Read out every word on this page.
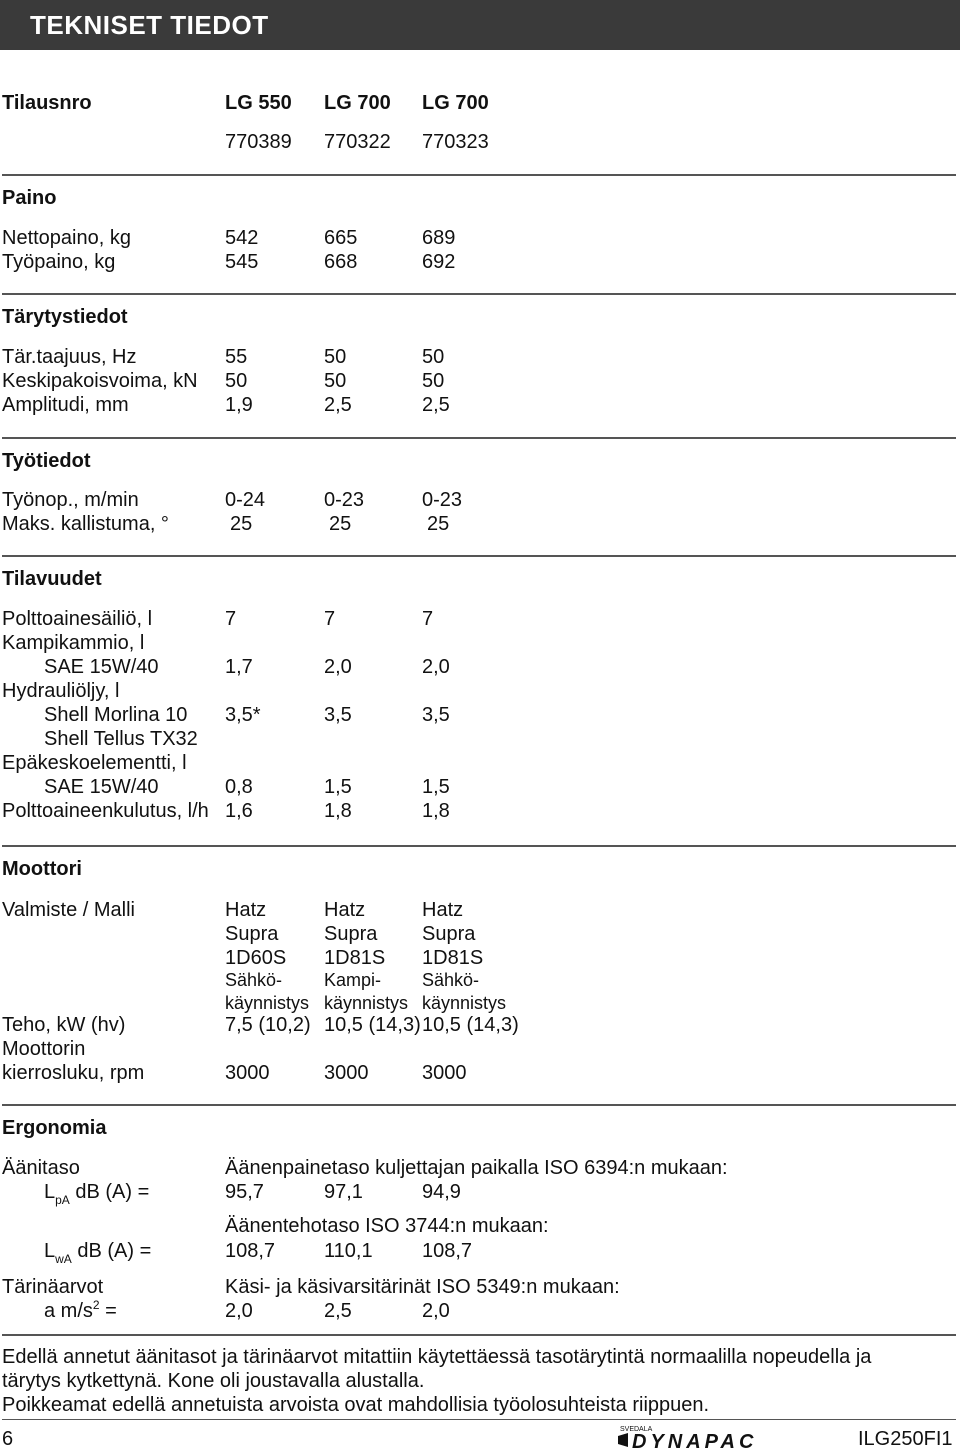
TEKNISET TIEDOT
Tilausnro	LG 550 LG 700 LG 700
770389 770322 770323
Paino
Nettopaino, kg	542	665	689
Työpaino, kg	545	668	692
Tärytystiedot
Tär.taajuus, Hz	55	50	50
Keskipakoisvoima, kN 50	50	50
Amplitudi, mm	1,9	2,5	2,5
Työtiedot
Työnop., m/min	0-24	0-23	0-23
Maks. kallistuma, °	25	25	25
Tilavuudet
Polttoainesäiliö, l	7	7	7
Kampikammio, l
SAE 15W/40	1,7	2,0	2,0
Hydrauliöljy, l
Shell Morlina 10 3,5*	3,5	3,5
Shell Tellus TX32
Epäkeskoelementti, l
SAE 15W/40	0,8	1,5	1,5
Polttoaineenkulutus, l/h 1,6	1,8	1,8
Moottori
Valmiste / Malli	Hatz	Hatz	Hatz
Supra Supra Supra
1D60S 1D81S 1D81S
Sähkö- Kampi- Sähkö-
käynnistys käynnistys käynnistys
Teho, kW (hv)	7,5 (10,2) 10,5 (14,3) 10,5 (14,3)
Moottorin
kierrosluku, rpm	3000	3000	3000
Ergonomia
Äänitaso	Äänenpainetaso kuljettajan paikalla ISO 6394:n mukaan:
$L_{pA}$ dB (A) =	95,7	97,1	94,9
Äänentehotaso ISO 3744:n mukaan:
$L_{wA}$ dB (A) =	108,7 110,1 108,7
Tärinäarvot	Käsi- ja käsivarsitärinät ISO 5349:n mukaan:
a $m/s^2$ =	2,0	2,5	2,0
Edellä annetut äänitasot ja tärinäarvot mitattiin käytettäessä tasotärytintä normaalilla nopeudella ja
tärytys kytkettynä. Kone oli joustavalla alustalla.
Poikkeamat edellä annetuista arvoista ovat mahdollisia työolosuhteista riippuen.
6	SVEDALA
DYNAPAC	ILG250FI1
